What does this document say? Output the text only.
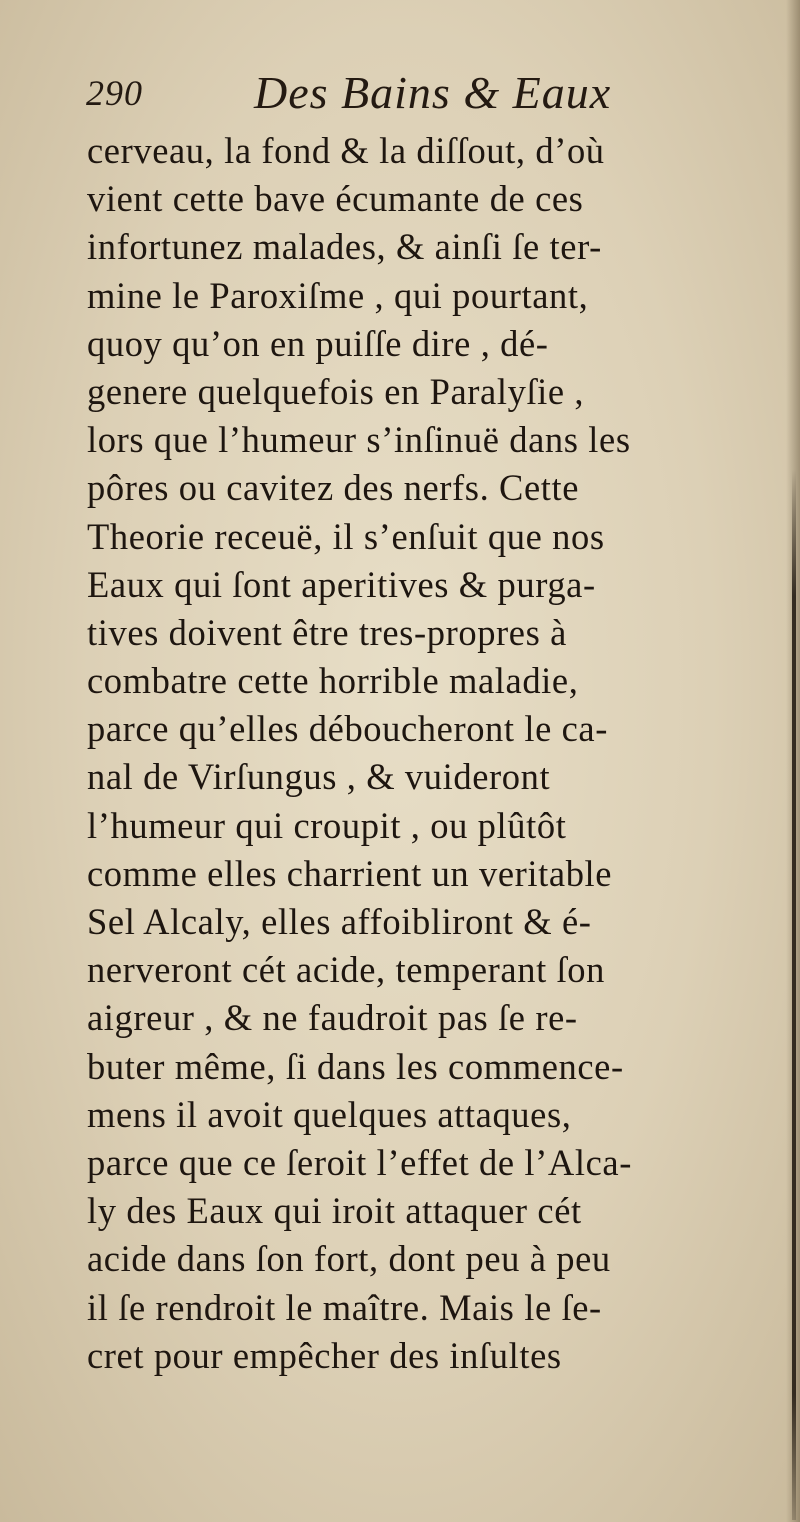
290 Des Bains & Eaux
cerveau, la fond & la diſſout, d’où
vient cette bave écumante de ces
infortunez malades, & ainſi ſe ter-
mine le Paroxiſme , qui pourtant,
quoy qu’on en puiſſe dire , dé-
genere quelquefois en Paralyſie ,
lors que l’humeur s’inſinuë dans les
pôres ou cavitez des nerfs. Cette
Theorie receuë, il s’enſuit que nos
Eaux qui ſont aperitives & purga-
tives doivent être tres-propres à
combatre cette horrible maladie,
parce qu’elles déboucheront le ca-
nal de Virſungus , & vuideront
l’humeur qui croupit , ou plûtôt
comme elles charrient un veritable
Sel Alcaly, elles affoibliront & é-
nerveront cét acide, temperant ſon
aigreur , & ne faudroit pas ſe re-
buter même, ſi dans les commence-
mens il avoit quelques attaques,
parce que ce ſeroit l’effet de l’Alca-
ly des Eaux qui iroit attaquer cét
acide dans ſon fort, dont peu à peu
il ſe rendroit le maître. Mais le ſe-
cret pour empêcher des inſultes
